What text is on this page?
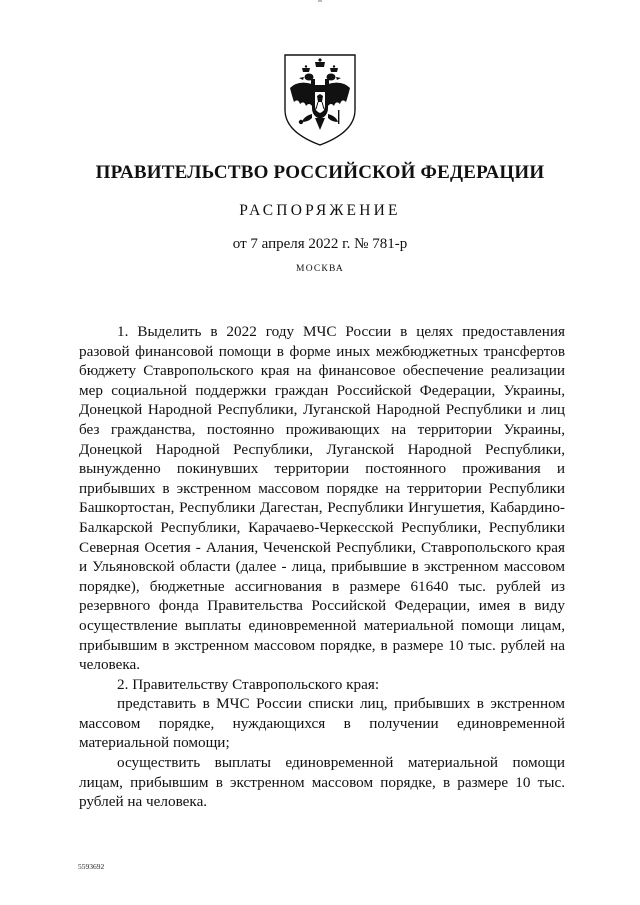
ПРАВИТЕЛЬСТВО РОССИЙСКОЙ ФЕДЕРАЦИИ
РАСПОРЯЖЕНИЕ
от 7 апреля 2022 г. № 781-р
МОСКВА

1. Выделить в 2022 году МЧС России в целях предоставления разовой финансовой помощи в форме иных межбюджетных трансфертов бюджету Ставропольского края на финансовое обеспечение реализации мер социальной поддержки граждан Российской Федерации, Украины, Донецкой Народной Республики, Луганской Народной Республики и лиц без гражданства, постоянно проживающих на территории Украины, Донецкой Народной Республики, Луганской Народной Республики, вынужденно покинувших территории постоянного проживания и прибывших в экстренном массовом порядке на территории Республики Башкортостан, Республики Дагестан, Республики Ингушетия, Кабардино-Балкарской Республики, Карачаево-Черкесской Республики, Республики Северная Осетия - Алания, Чеченской Республики, Ставропольского края и Ульяновской области (далее - лица, прибывшие в экстренном массовом порядке), бюджетные ассигнования в размере 61640 тыс. рублей из резервного фонда Правительства Российской Федерации, имея в виду осуществление выплаты единовременной материальной помощи лицам, прибывшим в экстренном массовом порядке, в размере 10 тыс. рублей на человека.

2. Правительству Ставропольского края:

представить в МЧС России списки лиц, прибывших в экстренном массовом порядке, нуждающихся в получении единовременной материальной помощи;

осуществить выплаты единовременной материальной помощи лицам, прибывшим в экстренном массовом порядке, в размере 10 тыс. рублей на человека.

5593692
